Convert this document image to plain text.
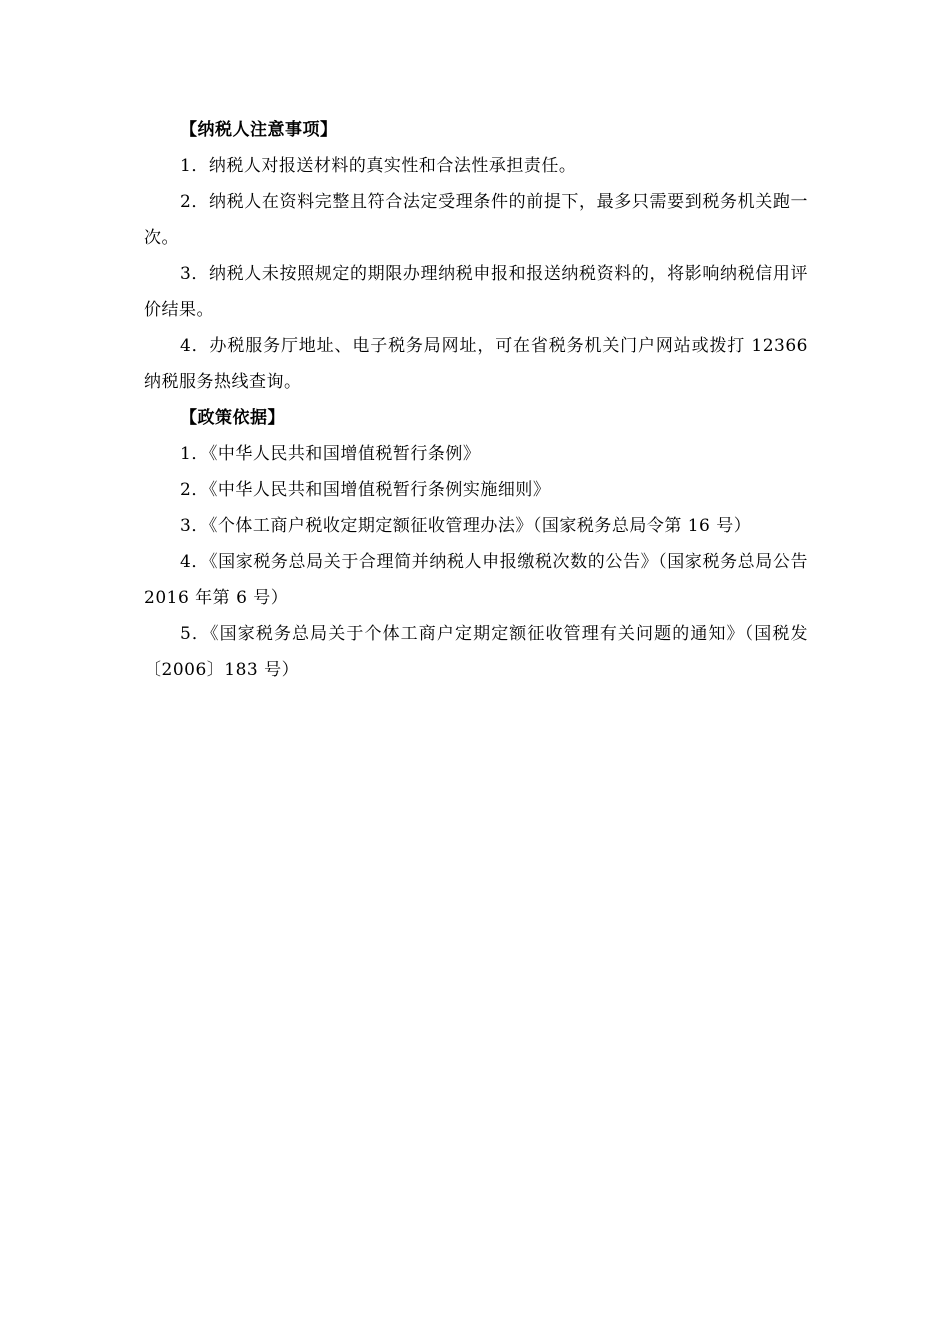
【纳税人注意事项】
1．纳税人对报送材料的真实性和合法性承担责任。
2．纳税人在资料完整且符合法定受理条件的前提下，最多只需要到税务机关跑一次。
3．纳税人未按照规定的期限办理纳税申报和报送纳税资料的，将影响纳税信用评价结果。
4．办税服务厅地址、电子税务局网址，可在省税务机关门户网站或拨打 12366 纳税服务热线查询。
【政策依据】
1．《中华人民共和国增值税暂行条例》
2．《中华人民共和国增值税暂行条例实施细则》
3．《个体工商户税收定期定额征收管理办法》（国家税务总局令第 16 号）
4．《国家税务总局关于合理简并纳税人申报缴税次数的公告》（国家税务总局公告 2016 年第 6 号）
5．《国家税务总局关于个体工商户定期定额征收管理有关问题的通知》（国税发〔2006〕183 号）
